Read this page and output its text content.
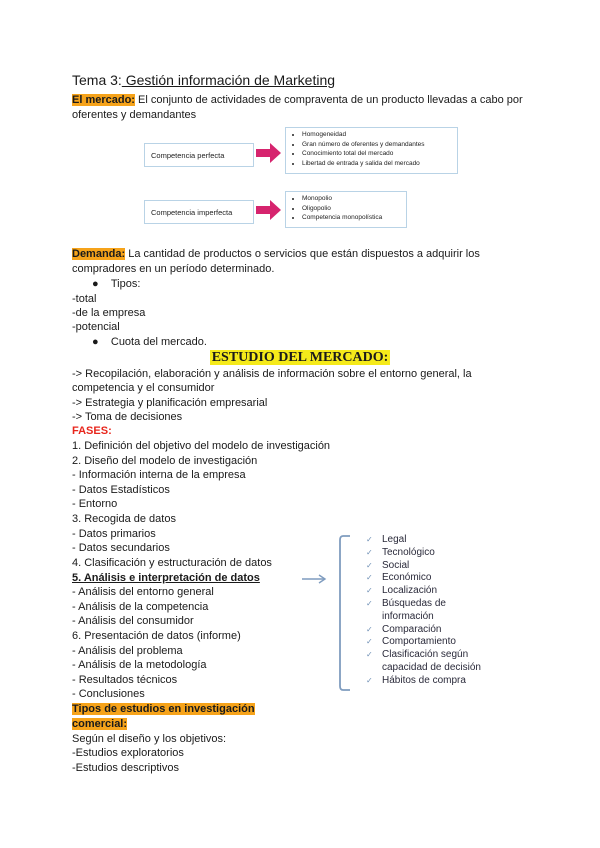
Tema 3: Gestión información de Marketing
El mercado: El conjunto de actividades de compraventa de un producto llevadas a cabo por
oferentes y demandantes
Competencia perfecta
• Homogeneidad
• Gran número de oferentes y demandantes
• Conocimiento total del mercado
• Libertad de entrada y salida del mercado
Competencia imperfecta
• Monopolio
• Oligopolio
• Competencia monopolística
Demanda: La cantidad de productos o servicios que están dispuestos a adquirir los
compradores en un período determinado.
●    Tipos:
-total
-de la empresa
-potencial
●    Cuota del mercado.
ESTUDIO DEL MERCADO:
-> Recopilación, elaboración y análisis de información sobre el entorno general, la
competencia y el consumidor
-> Estrategia y planificación empresarial
-> Toma de decisiones
FASES:
1. Definición del objetivo del modelo de investigación
2. Diseño del modelo de investigación
- Información interna de la empresa
- Datos Estadísticos
- Entorno
3. Recogida de datos
- Datos primarios
- Datos secundarios
4. Clasificación y estructuración de datos
5. Análisis e interpretación de datos
- Análisis del entorno general
- Análisis de la competencia
- Análisis del consumidor
6. Presentación de datos (informe)
- Análisis del problema
- Análisis de la metodología
- Resultados técnicos
- Conclusiones
✓ Legal
✓ Tecnológico
✓ Social
✓ Económico
✓ Localización
✓ Búsquedas de
información
✓ Comparación
✓ Comportamiento
✓ Clasificación según
capacidad de decisión
✓ Hábitos de compra
Tipos de estudios en investigación
comercial:
Según el diseño y los objetivos:
-Estudios exploratorios
-Estudios descriptivos
